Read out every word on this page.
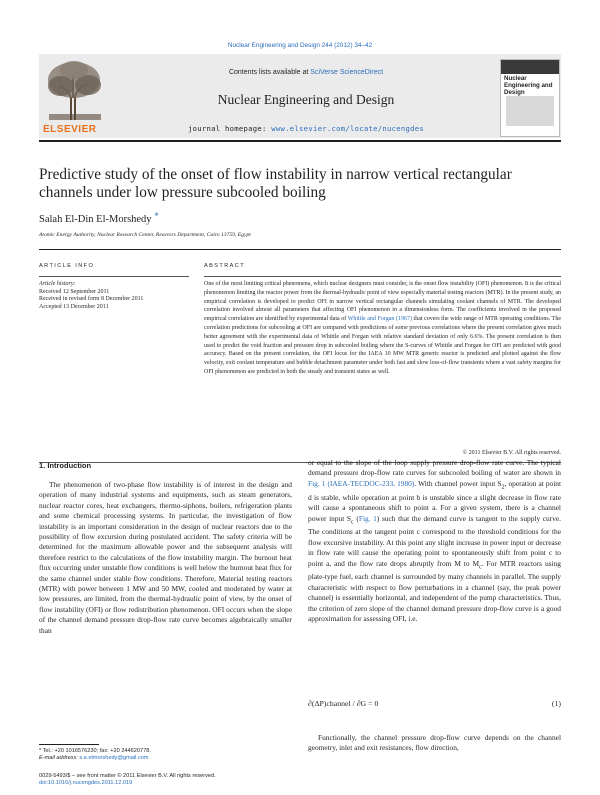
Nuclear Engineering and Design 244 (2012) 34–42
ELSEVIER
Contents lists available at SciVerse ScienceDirect
Nuclear Engineering and Design
journal homepage: www.elsevier.com/locate/nucengdes
Nuclear Engineering and Design
Predictive study of the onset of flow instability in narrow vertical rectangular channels under low pressure subcooled boiling
Salah El-Din El-Morshedy *
Atomic Energy Authority, Nuclear Research Center, Reactors Department, Cairo 13759, Egypt
ARTICLE INFO	ABSTRACT
Article history:
Received 12 September 2011
Received in revised form 8 December 2011
Accepted 13 December 2011
One of the most limiting critical phenomena, which nuclear designers must consider, is the onset flow instability (OFI) phenomenon. It is the critical phenomenon limiting the reactor power from the thermal-hydraulic point of view especially material testing reactors (MTR). In the present study, an empirical correlation is developed to predict OFI in narrow vertical rectangular channels simulating coolant channels of MTR. The developed correlation involved almost all parameters that affecting OFI phenomenon in a dimensionless form. The coefficients involved in the proposed empirical correlation are identified by experimental data of Whittle and Forgan (1967) that covers the wide range of MTR operating conditions. The correlation predictions for subcooling at OFI are compared with predictions of some previous correlations where the present correlation gives much better agreement with the experimental data of Whittle and Forgan with relative standard deviation of only 6.6%. The present correlation is then used to predict the void fraction and pressure drop in subcooled boiling where the S-curves of Whittle and Forgan for OFI are predicted with good accuracy. Based on the present correlation, the OFI locus for the IAEA 10 MW MTR generic reactor is predicted and plotted against the flow velocity, exit coolant temperature and bubble detachment parameter under both fast and slow loss-of-flow transients where a vast safety margins for OFI phenomenon are predicted in both the steady and transient states as well.
© 2011 Elsevier B.V. All rights reserved.
1. Introduction
The phenomenon of two-phase flow instability is of interest in the design and operation of many industrial systems and equipments, such as steam generators, nuclear reactor cores, heat exchangers, thermo-siphons, boilers, refrigeration plants and some chemical processing systems. In particular, the investigation of flow instability is an important consideration in the design of nuclear reactors due to the possibility of flow excursion during postulated accident. The safety criteria will be determined for the maximum allowable power and the subsequent analysis will therefore restrict to the calculations of the flow instability margin. The burnout heat flux occurring under unstable flow conditions is well below the burnout heat flux for the same channel under stable flow conditions. Therefore, Material testing reactors (MTR) with power between 1 MW and 50 MW, cooled and moderated by water at low pressures, are limited, from the thermal-hydraulic point of view, by the onset of flow instability (OFI) or flow redistribution phenomenon. OFI occurs when the slope of the channel demand pressure drop-flow rate curve becomes algebraically smaller than
or equal to the slope of the loop supply pressure drop-flow rate curve. The typical demand pressure drop-flow rate curves for subcooled boiling of water are shown in Fig. 1 (IAEA-TECDOC-233, 1980). With channel power input $S_2$, operation at point d is stable, while operation at point b is unstable since a slight decrease in flow rate will cause a spontaneous shift to point a. For a given system, there is a channel power input $S_c$ (Fig. 1) such that the demand curve is tangent to the supply curve. The conditions at the tangent point c correspond to the threshold conditions for the flow excursive instability. At this point any slight increase in power input or decrease in flow rate will cause the operating point to spontaneously shift from point c to point a, and the flow rate drops abruptly from M to $M_c$. For MTR reactors using plate-type fuel, each channel is surrounded by many channels in parallel. The supply characteristic with respect to flow perturbations in a channel (say, the peak power channel) is essentially horizontal, and independent of the pump characteristics. Thus, the criterion of zero slope of the channel demand pressure drop-flow curve is a good approximation for assessing OFI, i.e.
∂(ΔP)channel / ∂G = 0	(1)
Functionally, the channel pressure drop-flow curve depends on the channel geometry, inlet and exit resistances, flow direction,
* Tel.: +20 1016576230; fax: +20 244620778.
E-mail address: s.e.elmorshedy@gmail.com
0029-5493/$ – see front matter © 2011 Elsevier B.V. All rights reserved.
doi:10.1016/j.nucengdes.2011.12.019
